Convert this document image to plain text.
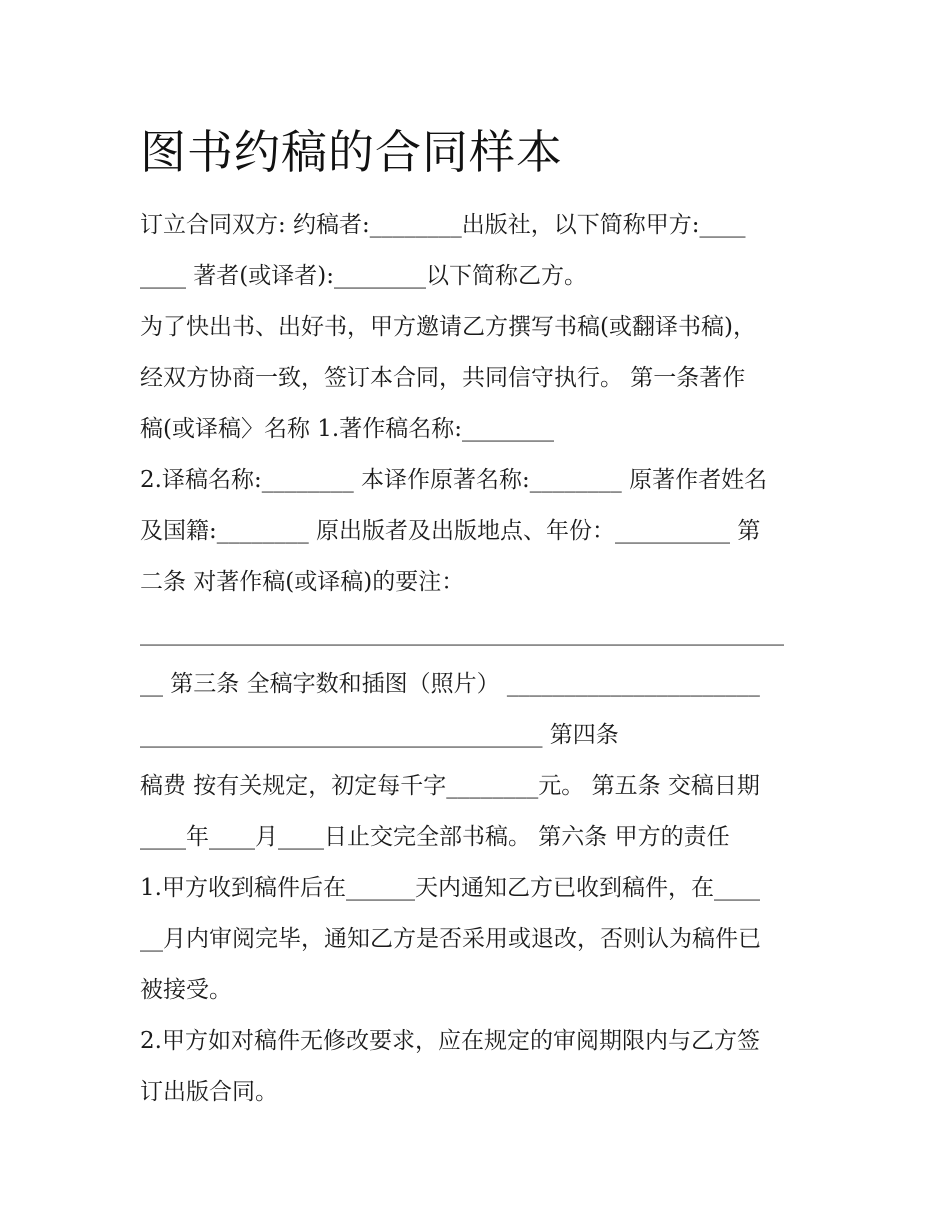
图书约稿的合同样本
订立合同双方: 约稿者:________出版社，以下简称甲方:____
____ 著者(或译者):________以下简称乙方。
为了快出书、出好书，甲方邀请乙方撰写书稿(或翻译书稿)，
经双方协商一致，签订本合同，共同信守执行。 第一条著作
稿(或译稿〉名称 1.著作稿名称:________
2.译稿名称:________ 本译作原著名称:________ 原著作者姓名
及国籍:________ 原出版者及出版地点、年份：__________ 第
二条 对著作稿(或译稿)的要注：
________________________________________________________
__ 第三条 全稿字数和插图（照片） ______________________
___________________________________ 第四条
稿费 按有关规定，初定每千字________元。 第五条 交稿日期
____年____月____日止交完全部书稿。 第六条 甲方的责任
1.甲方收到稿件后在______天内通知乙方已收到稿件，在____
__月内审阅完毕，通知乙方是否采用或退改，否则认为稿件已
被接受。
2.甲方如对稿件无修改要求，应在规定的审阅期限内与乙方签
订出版合同。
